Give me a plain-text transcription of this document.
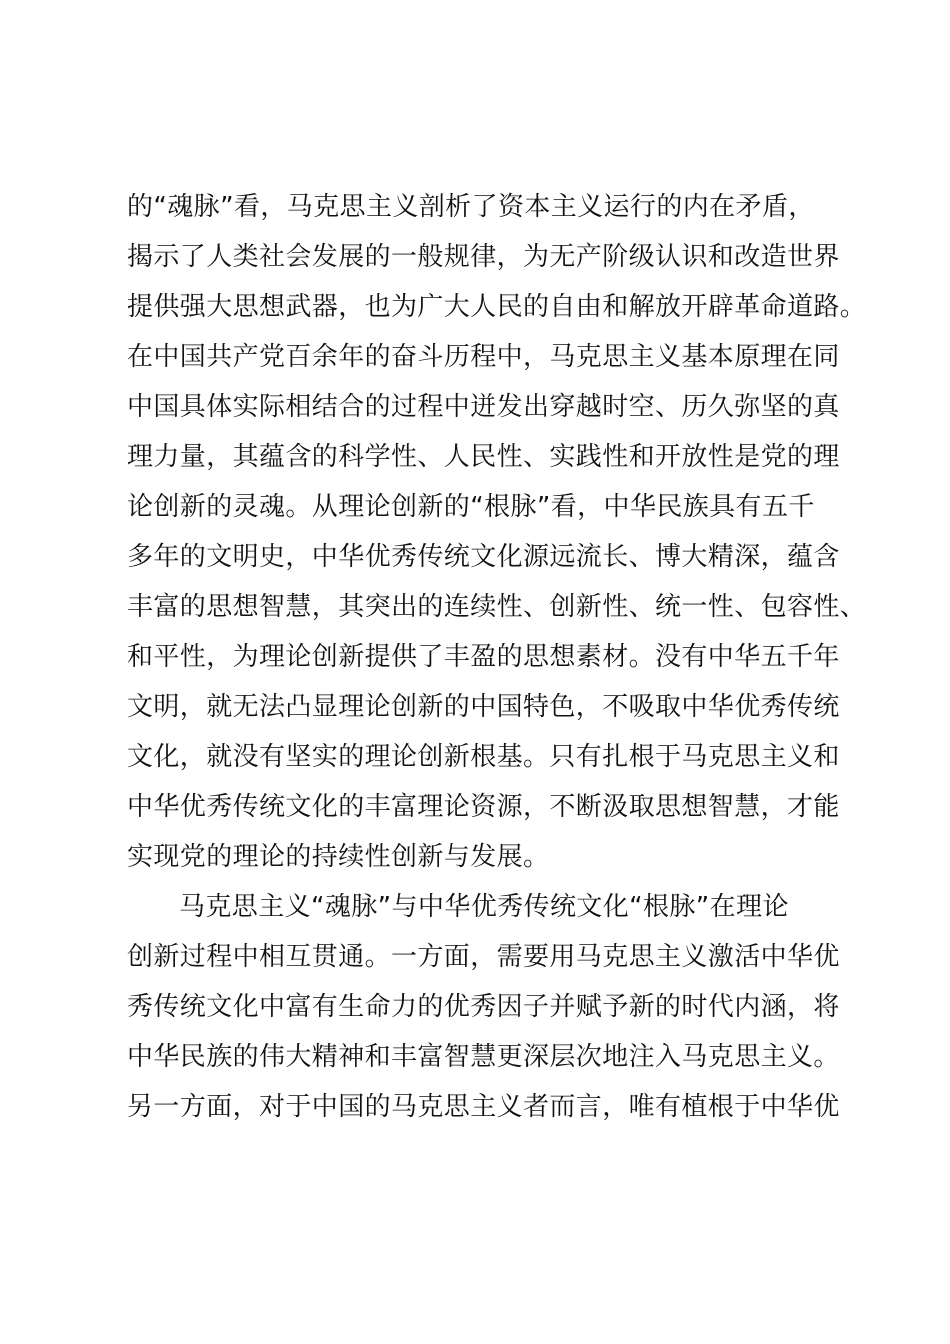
的“魂脉”看，马克思主义剖析了资本主义运行的内在矛盾，
揭示了人类社会发展的一般规律，为无产阶级认识和改造世界
提供强大思想武器，也为广大人民的自由和解放开辟革命道路。
在中国共产党百余年的奋斗历程中，马克思主义基本原理在同
中国具体实际相结合的过程中迸发出穿越时空、历久弥坚的真
理力量，其蕴含的科学性、人民性、实践性和开放性是党的理
论创新的灵魂。从理论创新的“根脉”看，中华民族具有五千
多年的文明史，中华优秀传统文化源远流长、博大精深，蕴含
丰富的思想智慧，其突出的连续性、创新性、统一性、包容性、
和平性，为理论创新提供了丰盈的思想素材。没有中华五千年
文明，就无法凸显理论创新的中国特色，不吸取中华优秀传统
文化，就没有坚实的理论创新根基。只有扎根于马克思主义和
中华优秀传统文化的丰富理论资源，不断汲取思想智慧，才能
实现党的理论的持续性创新与发展。
马克思主义“魂脉”与中华优秀传统文化“根脉”在理论
创新过程中相互贯通。一方面，需要用马克思主义激活中华优
秀传统文化中富有生命力的优秀因子并赋予新的时代内涵，将
中华民族的伟大精神和丰富智慧更深层次地注入马克思主义。
另一方面，对于中国的马克思主义者而言，唯有植根于中华优
